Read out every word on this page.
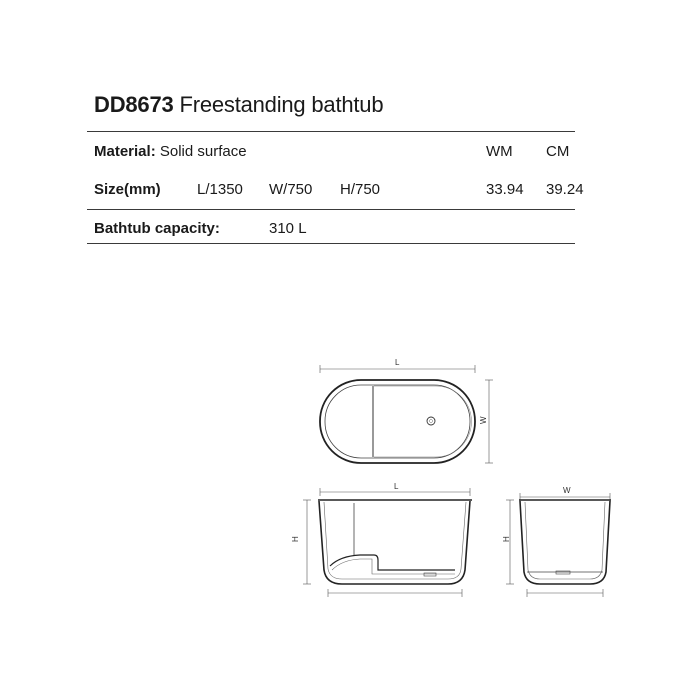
DD8673 Freestanding bathtub
Material: Solid surface	WM CM
Size(mm) L/1350 W/750 H/750	33.94 39.24
Bathtub capacity:	310 L
L
W
L
H
W
H
